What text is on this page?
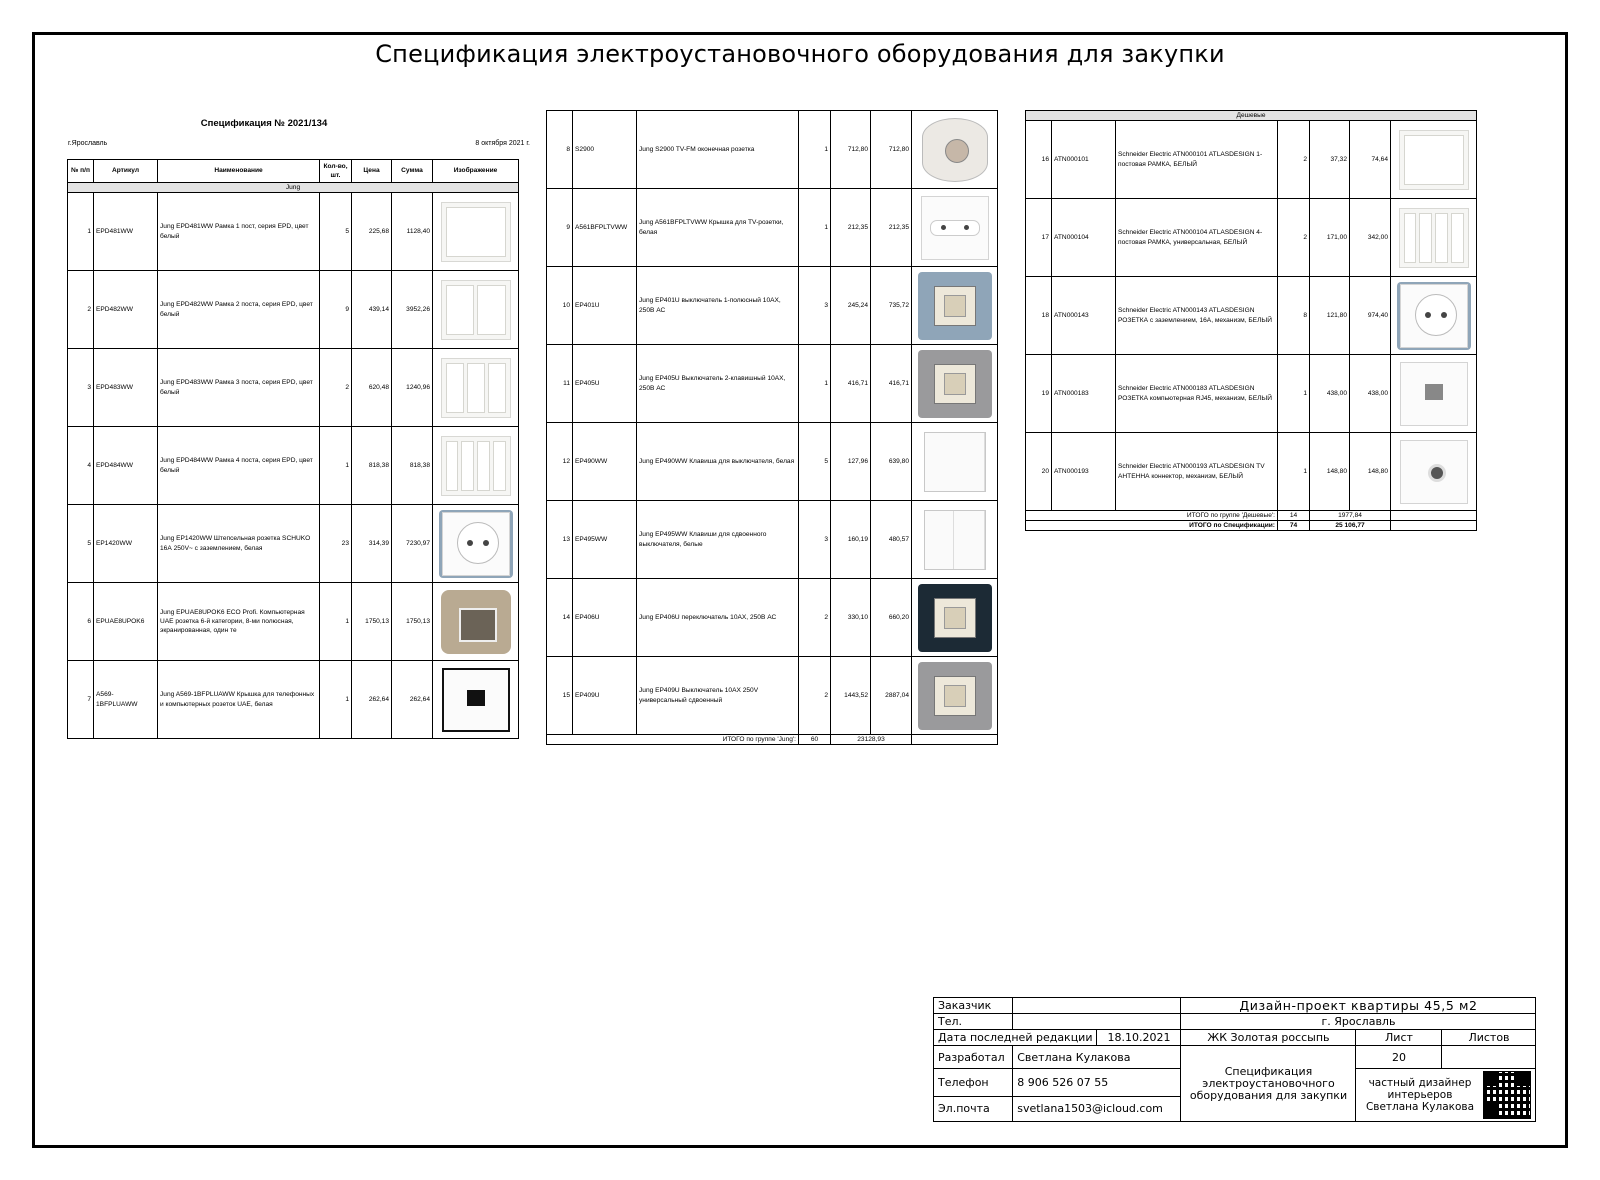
Спецификация электроустановочного оборудования для закупки
Спецификация № 2021/134
г.Ярославль	8 октября 2021 г.
№ п/п	Артикул	Наименование	Кол-во, шт.	Цена	Сумма	Изображение
Jung						
1	EPD481WW	Jung EPD481WW Рамка 1 пост, серия EPD, цвет белый	5	225,68	1128,40	

2	EPD482WW	Jung EPD482WW Рамка 2 поста, серия EPD, цвет белый	9	439,14	3952,26	

3	EPD483WW	Jung EPD483WW Рамка 3 поста, серия EPD, цвет белый	2	620,48	1240,96	

4	EPD484WW	Jung EPD484WW Рамка 4 поста, серия EPD, цвет белый	1	818,38	818,38	

5	EP1420WW	Jung EP1420WW Штепсельная розетка SCHUKO 16А 250V~ с заземлением, белая	23	314,39	7230,97	

6	EPUAE8UPOK6	Jung EPUAE8UPOK6 ECO Profi. Компьютерная UAE розетка 6-й категории, 8-ми полюсная, экранированная, один те	1	1750,13	1750,13	

7	A569-1BFPLUAWW	Jung A569-1BFPLUAWW Крышка для телефонных и компьютерных розеток UAE, белая	1	262,64	262,64	
8	S2900	Jung S2900 TV-FM оконечная розетка	1	712,80	712,80	

9	A561BFPLTVWW	Jung A561BFPLTVWW Крышка для TV-розетки, белая	1	212,35	212,35	

10	EP401U	Jung EP401U выключатель 1-полюсный 10АХ, 250В АС	3	245,24	735,72	

11	EP405U	Jung EP405U Выключатель 2-клавишный 10АХ, 250В АС	1	416,71	416,71	

12	EP490WW	Jung EP490WW Клавиша для выключателя, белая	5	127,96	639,80	

13	EP495WW	Jung EP495WW Клавиши для сдвоенного выключателя, белые	3	160,19	480,57	

14	EP406U	Jung EP406U переключатель 10АХ, 250В АС	2	330,10	660,20	

15	EP409U	Jung EP409U Выключатель 10АХ 250V универсальный сдвоенный	2	1443,52	2887,04	

ИТОГО по группе 'Jung':			60	23128,93		
Дешевые						
16	ATN000101	Schneider Electric ATN000101 ATLASDESIGN 1-постовая РАМКА, БЕЛЫЙ	2	37,32	74,64	

17	ATN000104	Schneider Electric ATN000104 ATLASDESIGN 4-постовая РАМКА, универсальная, БЕЛЫЙ	2	171,00	342,00	

18	ATN000143	Schneider Electric ATN000143 ATLASDESIGN РОЗЕТКА с заземлением, 16А, механизм, БЕЛЫЙ	8	121,80	974,40	

19	ATN000183	Schneider Electric ATN000183 ATLASDESIGN РОЗЕТКА компьютерная RJ45, механизм, БЕЛЫЙ	1	438,00	438,00	

20	ATN000193	Schneider Electric ATN000193 ATLASDESIGN TV АНТЕННА коннектор, механизм, БЕЛЫЙ	1	148,80	148,80	

ИТОГО по группе 'Дешевые':			14	1977,84		
ИТОГО по Спецификации:			74	25 106,77		
Заказчик			Дизайн-проект квартиры 45,5 м2		
Тел.			г. Ярославль		
Дата последней редакции		18.10.2021	ЖК Золотая россыпь	Лист	Листов
Разработал	Светлана Кулакова		Спецификация электроустановочного оборудования для закупки	20	
Телефон	8 906 526 07 55			частный дизайнер интерьеров Светлана Кулакова	

Эл.почта	svetlana1503@icloud.com				
